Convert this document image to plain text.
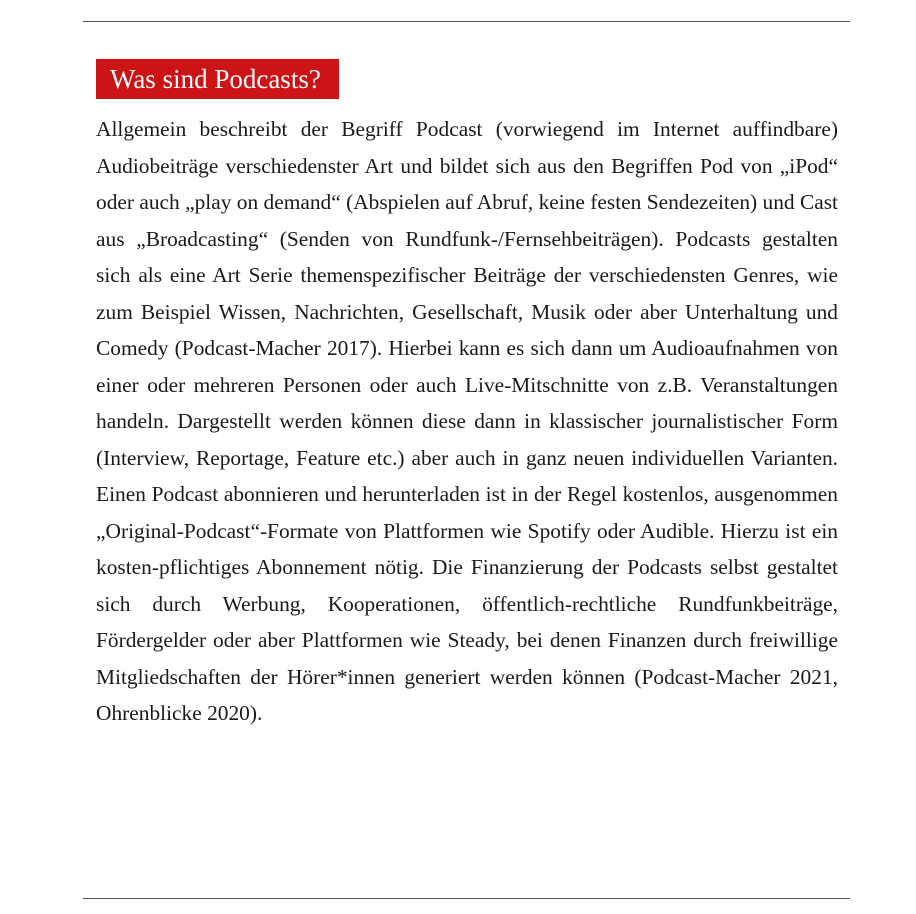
Was sind Podcasts?

Allgemein beschreibt der Begriff Podcast (vorwiegend im Internet auffindbare) Audiobeiträge verschiedenster Art und bildet sich aus den Begriffen Pod von „iPod“ oder auch „play on demand“ (Abspielen auf Abruf, keine festen Sendezeiten) und Cast aus „Broadcasting“ (Senden von Rundfunk-/Fernsehbeiträgen). Podcasts gestalten sich als eine Art Serie themenspezifischer Beiträge der verschiedensten Genres, wie zum Beispiel Wissen, Nachrichten, Gesellschaft, Musik oder aber Unterhaltung und Comedy (Podcast-Macher 2017). Hierbei kann es sich dann um Audioaufnahmen von einer oder mehreren Personen oder auch Live-Mitschnitte von z.B. Veranstaltungen handeln. Dargestellt werden können diese dann in klassischer journalistischer Form (Interview, Reportage, Feature etc.) aber auch in ganz neuen individuellen Varianten. Einen Podcast abonnieren und herunterladen ist in der Regel kostenlos, ausgenommen „Original-Podcast“-Formate von Plattformen wie Spotify oder Audible. Hierzu ist ein kosten-pflichtiges Abonnement nötig. Die Finanzierung der Podcasts selbst gestaltet sich durch Werbung, Kooperationen, öffentlich-rechtliche Rundfunkbeiträge, Fördergelder oder aber Plattformen wie Steady, bei denen Finanzen durch freiwillige Mitgliedschaften der Hörer*innen generiert werden können (Podcast-Macher 2021, Ohrenblicke 2020).
